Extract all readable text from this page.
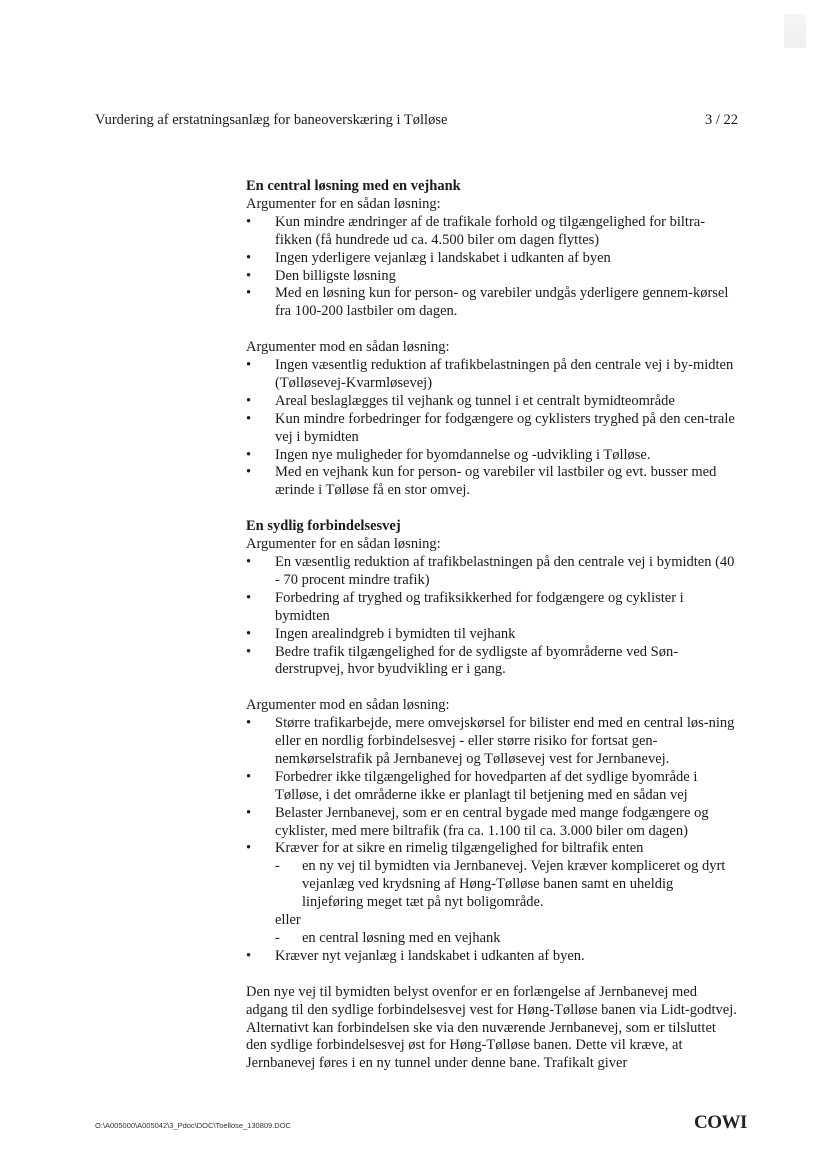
Vurdering af erstatningsanlæg for baneoverskæring i Tølløse	3 / 22
En central løsning med en vejhank
Argumenter for en sådan løsning:
• Kun mindre ændringer af de trafikale forhold og tilgængelighed for biltra-fikken (få hundrede ud ca. 4.500 biler om dagen flyttes)
• Ingen yderligere vejanlæg i landskabet i udkanten af byen
• Den billigste løsning
• Med en løsning kun for person- og varebiler undgås yderligere gennem-kørsel fra 100-200 lastbiler om dagen.
Argumenter mod en sådan løsning:
• Ingen væsentlig reduktion af trafikbelastningen på den centrale vej i by-midten (Tølløsevej-Kvarmløsevej)
• Areal beslaglægges til vejhank og tunnel i et centralt bymidteområde
• Kun mindre forbedringer for fodgængere og cyklisters tryghed på den cen-trale vej i bymidten
• Ingen nye muligheder for byomdannelse og -udvikling i Tølløse.
• Med en vejhank kun for person- og varebiler vil lastbiler og evt. busser med ærinde i Tølløse få en stor omvej.
En sydlig forbindelsesvej
Argumenter for en sådan løsning:
• En væsentlig reduktion af trafikbelastningen på den centrale vej i bymidten (40 - 70 procent mindre trafik)
• Forbedring af tryghed og trafiksikkerhed for fodgængere og cyklister i bymidten
• Ingen arealindgreb i bymidten til vejhank
• Bedre trafik tilgængelighed for de sydligste af byområderne ved Søn-derstrupvej, hvor byudvikling er i gang.
Argumenter mod en sådan løsning:
• Større trafikarbejde, mere omvejskørsel for bilister end med en central løs-ning eller en nordlig forbindelsesvej - eller større risiko for fortsat gen-nemkørselstrafik på Jernbanevej og Tølløsevej vest for Jernbanevej.
• Forbedrer ikke tilgængelighed for hovedparten af det sydlige byområde i Tølløse, i det områderne ikke er planlagt til betjening med en sådan vej
• Belaster Jernbanevej, som er en central bygade med mange fodgængere og cyklister, med mere biltrafik (fra ca. 1.100 til ca. 3.000 biler om dagen)
• Kræver for at sikre en rimelig tilgængelighed for biltrafik enten
- en ny vej til bymidten via Jernbanevej. Vejen kræver kompliceret og dyrt vejanlæg ved krydsning af Høng-Tølløse banen samt en uheldig linjeføring meget tæt på nyt boligområde.
eller
- en central løsning med en vejhank
• Kræver nyt vejanlæg i landskabet i udkanten af byen.
Den nye vej til bymidten belyst ovenfor er en forlængelse af Jernbanevej med adgang til den sydlige forbindelsesvej vest for Høng-Tølløse banen via Lidt-godtvej. Alternativt kan forbindelsen ske via den nuværende Jernbanevej, som er tilsluttet den sydlige forbindelsesvej øst for Høng-Tølløse banen. Dette vil kræve, at Jernbanevej føres i en ny tunnel under denne bane. Trafikalt giver
O:\A005000\A005042\3_Pdoc\DOC\Toellose_130809.DOC	COWI
